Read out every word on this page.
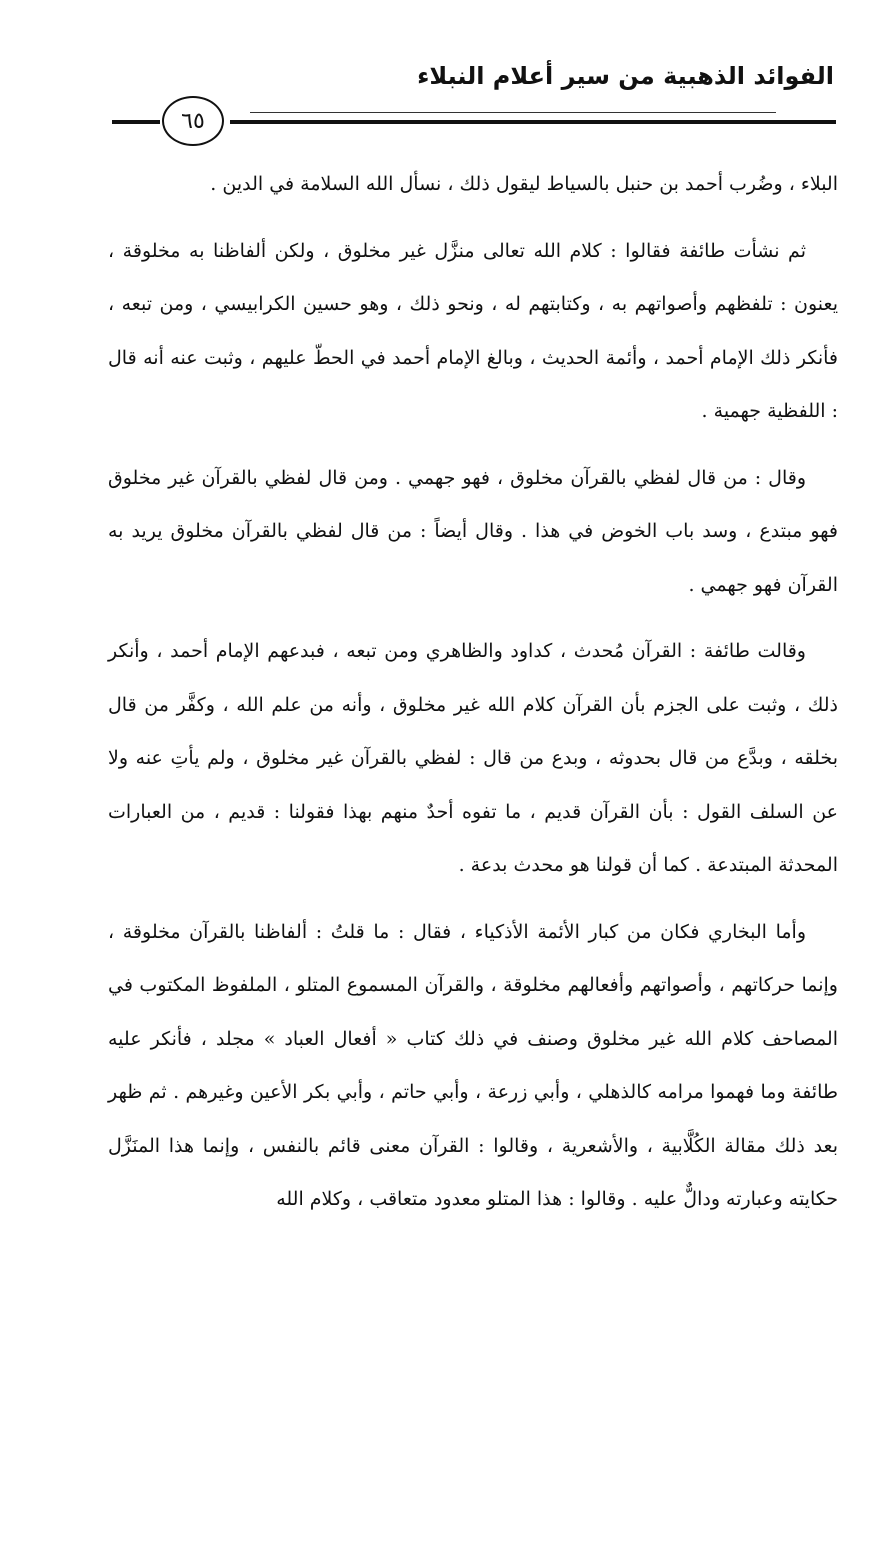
الفوائد الذهبية من سير أعلام النبلاء
٦٥

البلاء ، وضُرب أحمد بن حنبل بالسياط ليقول ذلك ، نسأل الله السلامة في الدين .

ثم نشأت طائفة فقالوا : كلام الله تعالى منزَّل غير مخلوق ، ولكن ألفاظنا به مخلوقة ، يعنون : تلفظهم وأصواتهم به ، وكتابتهم له ، ونحو ذلك ، وهو حسين الكرابيسي ، ومن تبعه ، فأنكر ذلك الإمام أحمد ، وأئمة الحديث ، وبالغ الإمام أحمد في الحطّ عليهم ، وثبت عنه أنه قال : اللفظية جهمية .

وقال : من قال لفظي بالقرآن مخلوق ، فهو جهمي . ومن قال لفظي بالقرآن غير مخلوق فهو مبتدع ، وسد باب الخوض في هذا . وقال أيضاً : من قال لفظي بالقرآن مخلوق يريد به القرآن فهو جهمي .

وقالت طائفة : القرآن مُحدث ، كداود والظاهري ومن تبعه ، فبدعهم الإمام أحمد ، وأنكر ذلك ، وثبت على الجزم بأن القرآن كلام الله غير مخلوق ، وأنه من علم الله ، وكفَّر من قال بخلقه ، وبدَّع من قال بحدوثه ، وبدع من قال : لفظي بالقرآن غير مخلوق ، ولم يأتِ عنه ولا عن السلف القول : بأن القرآن قديم ، ما تفوه أحدٌ منهم بهذا فقولنا : قديم ، من العبارات المحدثة المبتدعة . كما أن قولنا هو محدث بدعة .

وأما البخاري فكان من كبار الأئمة الأذكياء ، فقال : ما قلتُ : ألفاظنا بالقرآن مخلوقة ، وإنما حركاتهم ، وأصواتهم وأفعالهم مخلوقة ، والقرآن المسموع المتلو ، الملفوظ المكتوب في المصاحف كلام الله غير مخلوق وصنف في ذلك كتاب « أفعال العباد » مجلد ، فأنكر عليه طائفة وما فهموا مرامه كالذهلي ، وأبي زرعة ، وأبي حاتم ، وأبي بكر الأعين وغيرهم . ثم ظهر بعد ذلك مقالة الكُلَّابية ، والأشعرية ، وقالوا : القرآن معنى قائم بالنفس ، وإنما هذا المنَزَّل حكايته وعبارته ودالٌّ عليه . وقالوا : هذا المتلو معدود متعاقب ، وكلام الله
